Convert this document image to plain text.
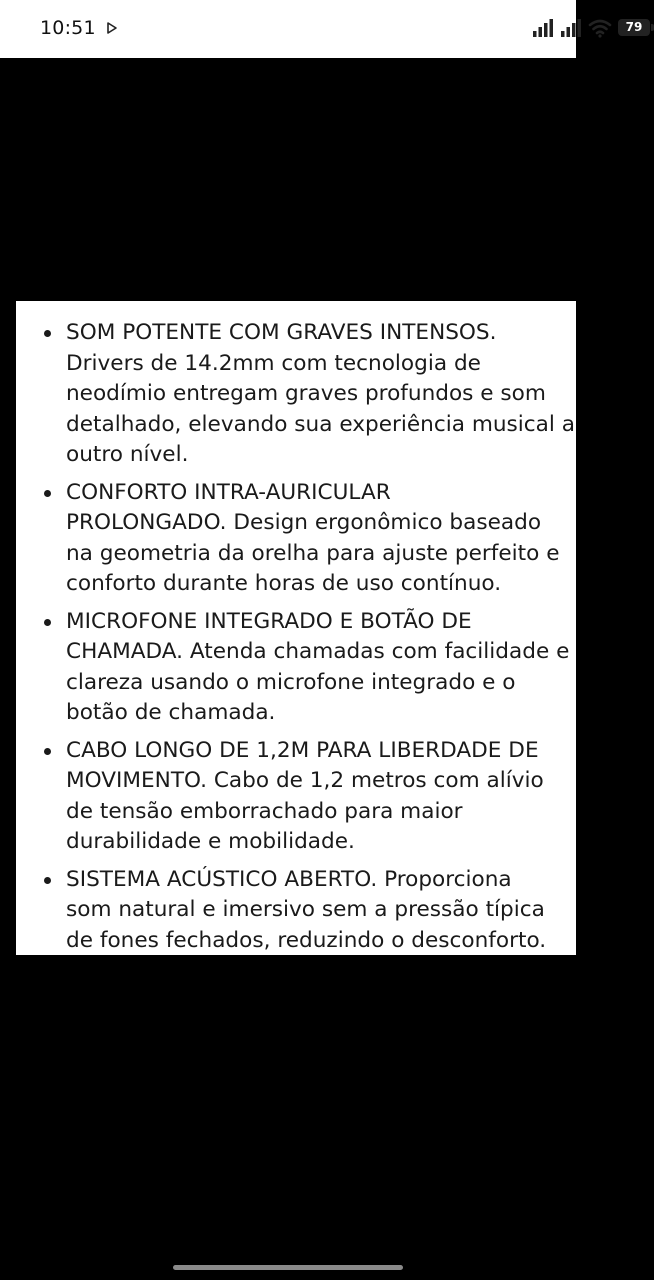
10:51	79
SOM POTENTE COM GRAVES INTENSOS.
Drivers de 14.2mm com tecnologia de
neodímio entregam graves profundos e som
detalhado, elevando sua experiência musical a
outro nível.
CONFORTO INTRA-AURICULAR
PROLONGADO. Design ergonômico baseado
na geometria da orelha para ajuste perfeito e
conforto durante horas de uso contínuo.
MICROFONE INTEGRADO E BOTÃO DE
CHAMADA. Atenda chamadas com facilidade e
clareza usando o microfone integrado e o
botão de chamada.
CABO LONGO DE 1,2M PARA LIBERDADE DE
MOVIMENTO. Cabo de 1,2 metros com alívio
de tensão emborrachado para maior
durabilidade e mobilidade.
SISTEMA ACÚSTICO ABERTO. Proporciona
som natural e imersivo sem a pressão típica
de fones fechados, reduzindo o desconforto.
